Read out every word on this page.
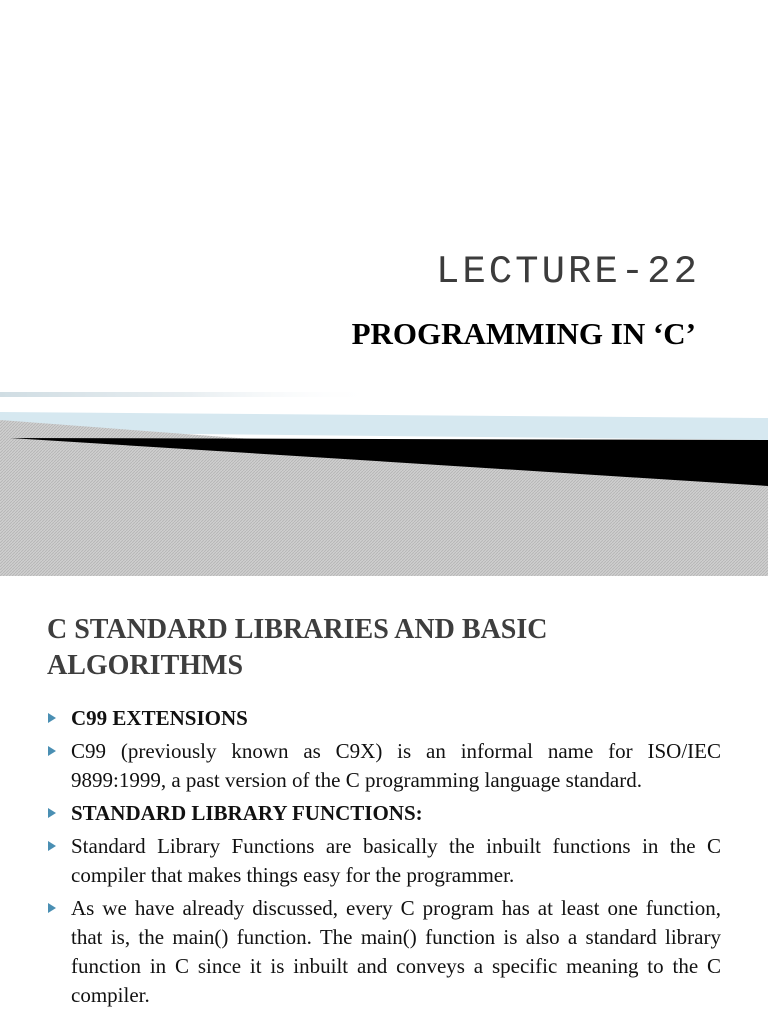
LECTURE-22
PROGRAMMING IN ‘C’
C STANDARD LIBRARIES AND BASIC ALGORITHMS
C99 EXTENSIONS
C99 (previously known as C9X) is an informal name for ISO/IEC 9899:1999, a past version of the C programming language standard.
STANDARD LIBRARY FUNCTIONS:
Standard Library Functions are basically the inbuilt functions in the C compiler that makes things easy for the programmer.
As we have already discussed, every C program has at least one function, that is, the main() function. The main() function is also a standard library function in C since it is inbuilt and conveys a specific meaning to the C compiler.
